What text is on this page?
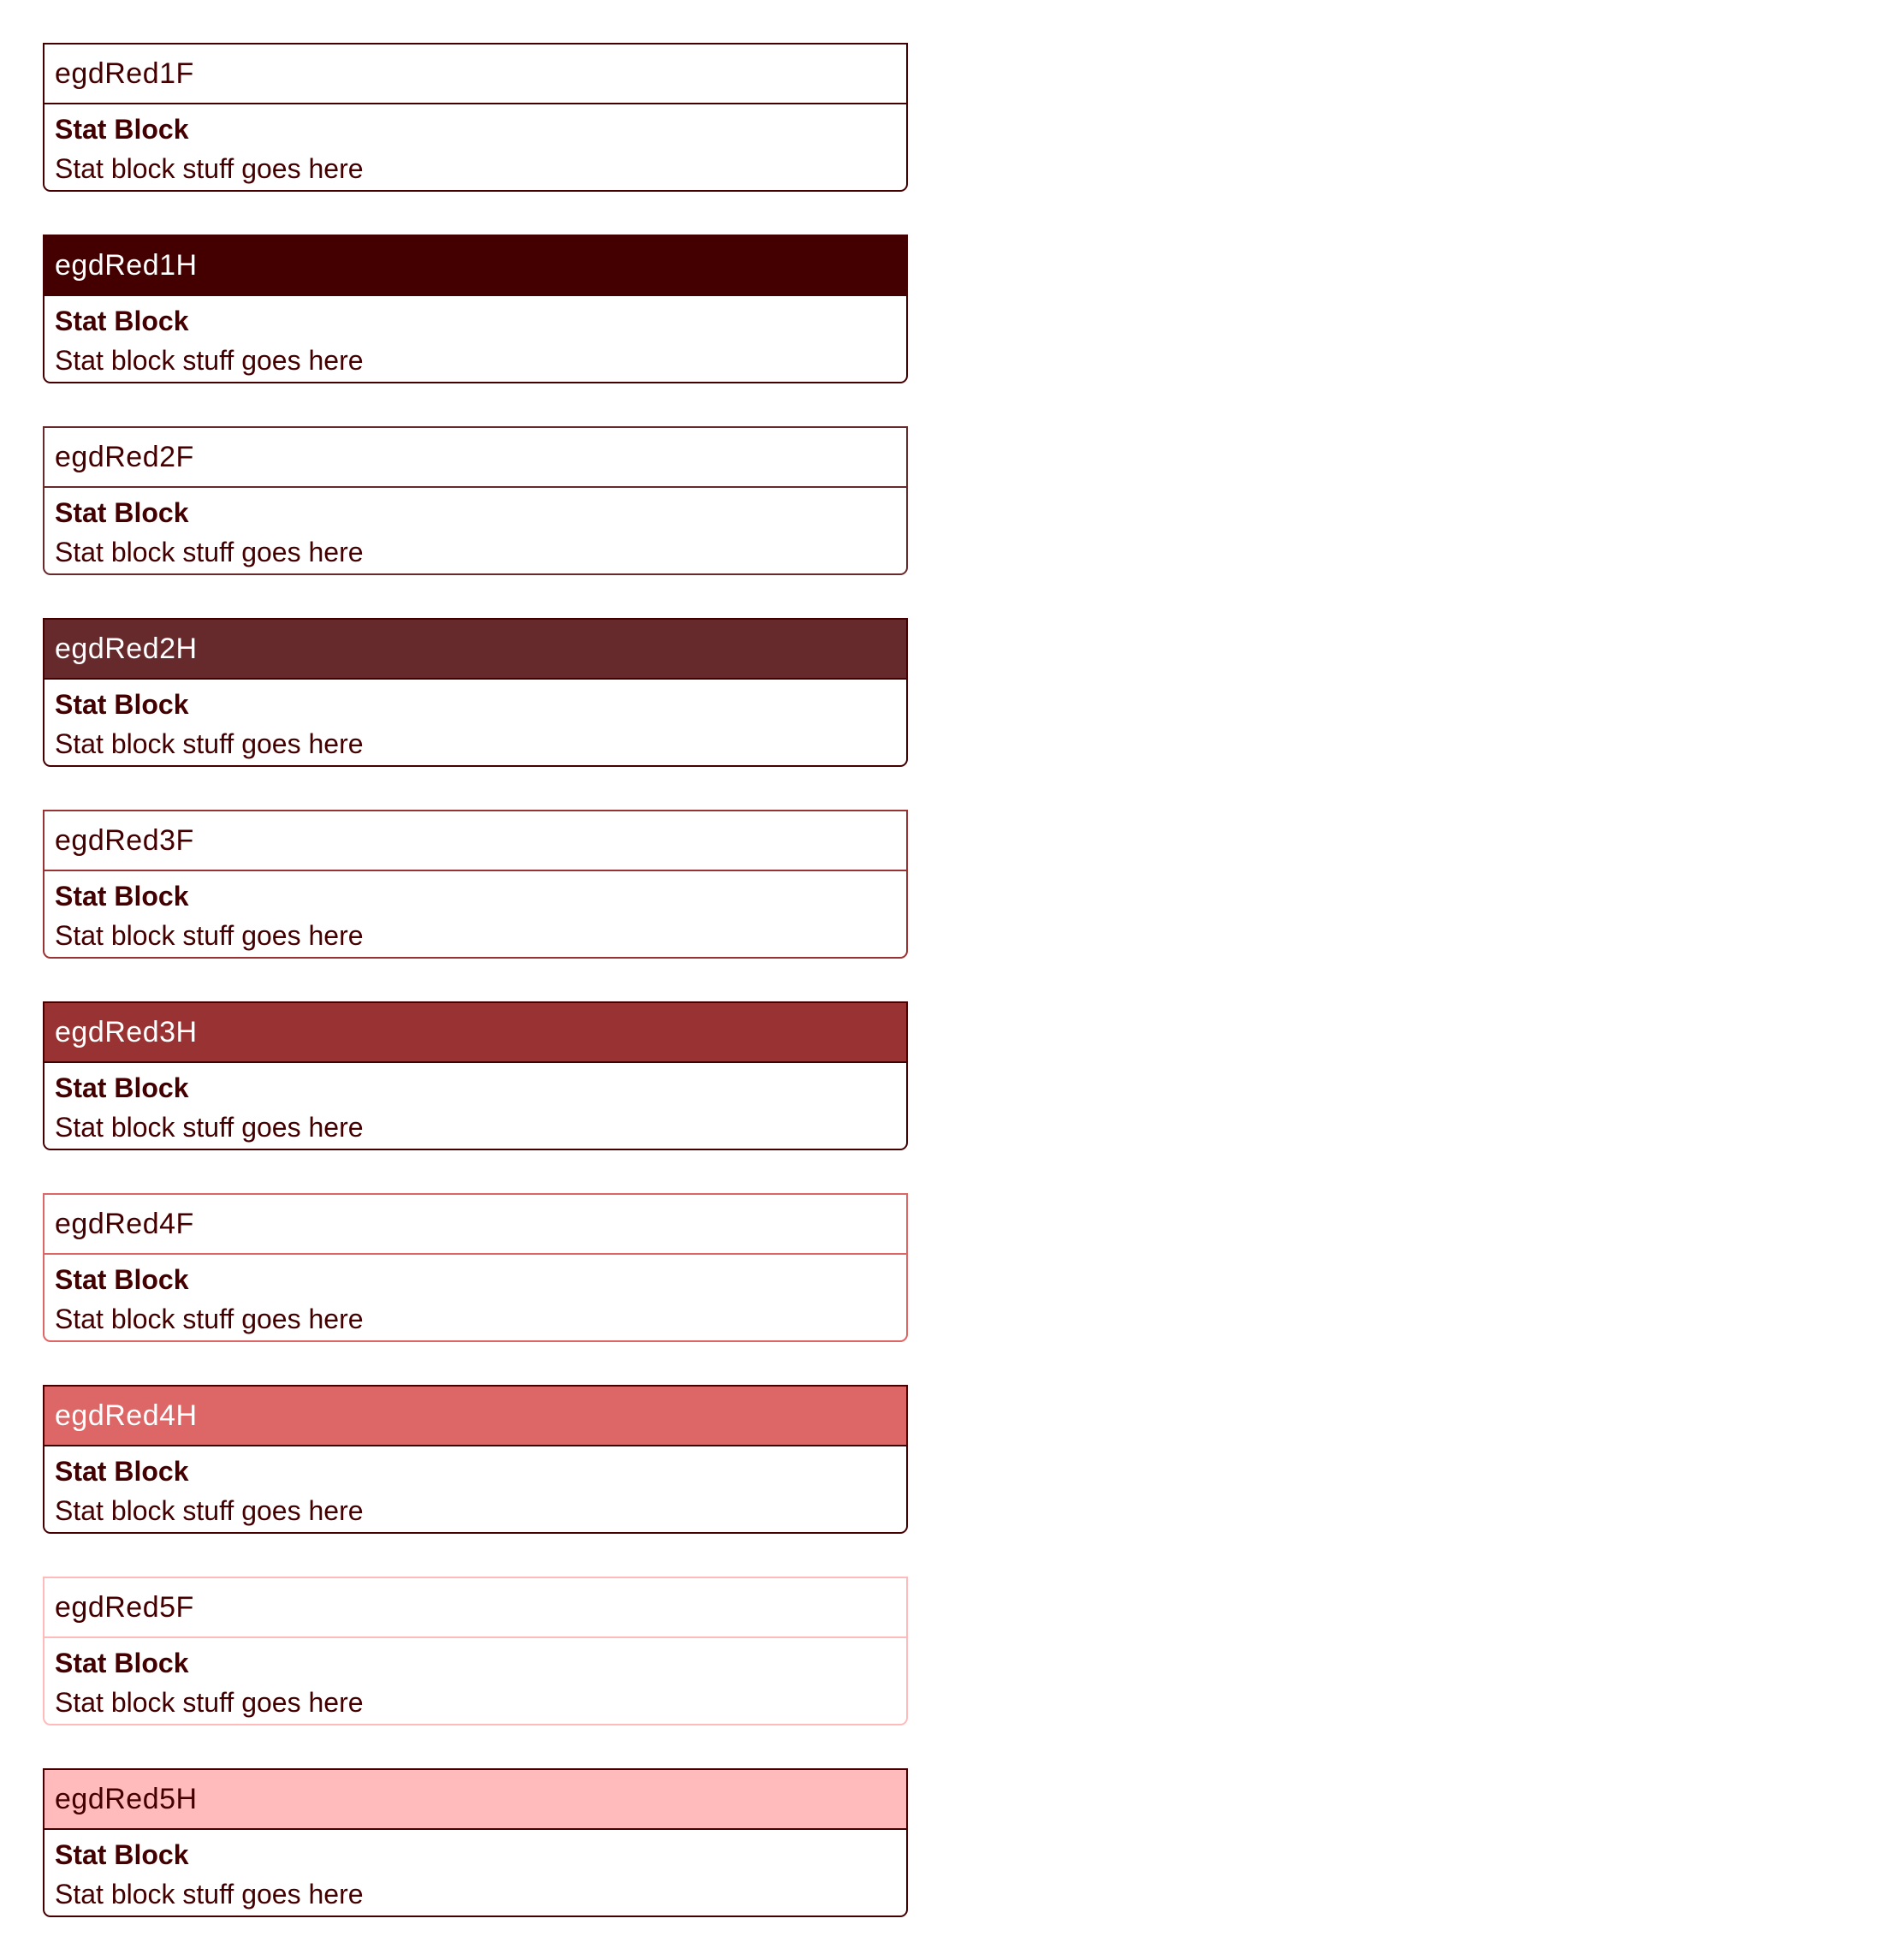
egdRed1F
Stat Block
Stat block stuff goes here
egdRed1H
Stat Block
Stat block stuff goes here
egdRed2F
Stat Block
Stat block stuff goes here
egdRed2H
Stat Block
Stat block stuff goes here
egdRed3F
Stat Block
Stat block stuff goes here
egdRed3H
Stat Block
Stat block stuff goes here
egdRed4F
Stat Block
Stat block stuff goes here
egdRed4H
Stat Block
Stat block stuff goes here
egdRed5F
Stat Block
Stat block stuff goes here
egdRed5H
Stat Block
Stat block stuff goes here
